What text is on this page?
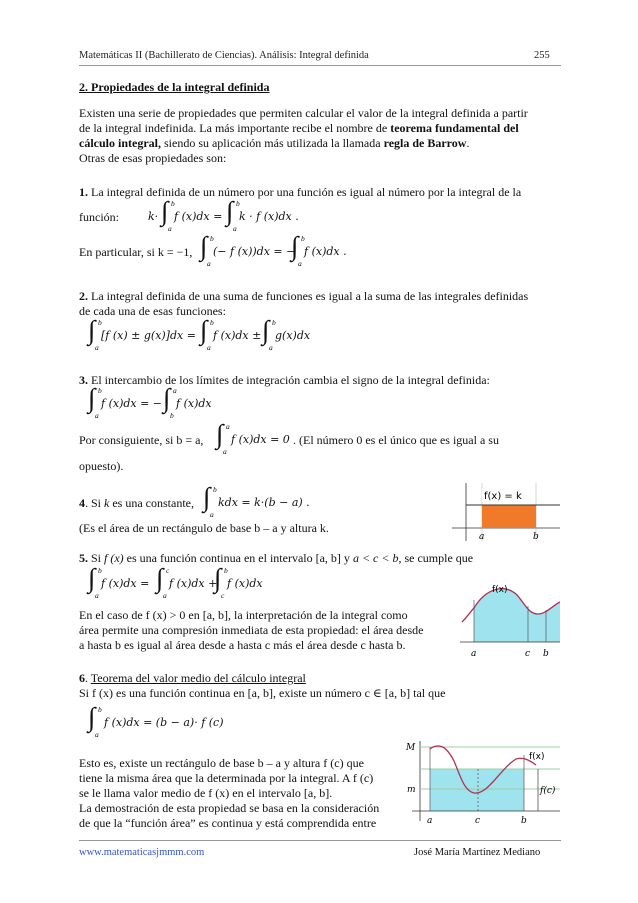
Matemáticas II (Bachillerato de Ciencias). Análisis: Integral definida	255
2. Propiedades de la integral definida
Existen una serie de propiedades que permiten calcular el valor de la integral definida a partir
de la integral indefinida. La más importante recibe el nombre de teorema fundamental del
cálculo integral, siendo su aplicación más utilizada la llamada regla de Barrow.
Otras de esas propiedades son:
1. La integral definida de un número por una función es igual al número por la integral de la
función:	k· ∫ b
a
f (x)dx = ∫ b
a
k · f (x)dx .
En particular, si k = −1, ∫ b
a
(− f (x))dx = −
∫ b
a
f (x)dx .
2. La integral definida de una suma de funciones es igual a la suma de las integrales definidas
de cada una de esas funciones:
∫ b
a
[f (x) ± g(x)]dx = ∫ b
a
f (x)dx ± ∫ b
a
g(x)dx
3. El intercambio de los límites de integración cambia el signo de la integral definida:
∫ b
a
f (x)dx = − ∫ a
b
f (x)dx
Por consiguiente, si b = a, ∫ a
a
f (x)dx = 0 . (El número 0 es el único que es igual a su
opuesto).
4. Si k es una constante, ∫ b
a
kdx = k·(b − a) .
(Es el área de un rectángulo de base b – a y altura k.
f(x) = k
a	b
5. Si f (x) es una función continua en el intervalo [a, b] y a < c < b, se cumple que
∫ b
a
f (x)dx = ∫ c
a
f (x)dx +
∫ b
c
f (x)dx
En el caso de f (x) > 0 en [a, b], la interpretación de la integral como
área permite una compresión inmediata de esta propiedad: el área desde
a hasta b es igual al área desde a hasta c más el área desde c hasta b.
f(x)
a	c b
6. Teorema del valor medio del cálculo integral
Si f (x) es una función continua en [a, b], existe un número c ∈ [a, b] tal que
∫ b
a
f (x)dx = (b − a)· f (c)
Esto es, existe un rectángulo de base b – a y altura f (c) que
tiene la misma área que la determinada por la integral. A f (c)
se le llama valor medio de f (x) en el intervalo [a, b].
La demostración de esta propiedad se basa en la consideración
de que la “función área” es continua y está comprendida entre
M
m
f(x)
f(c)
a	c	b
www.matematicasjmmm.com	José María Martínez Mediano
